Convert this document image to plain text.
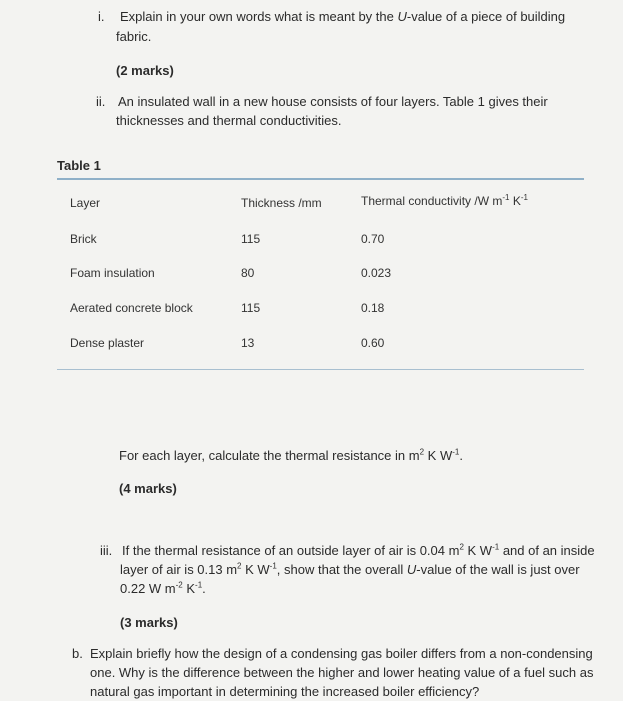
i. Explain in your own words what is meant by the U-value of a piece of building
fabric.
(2 marks)
ii. An insulated wall in a new house consists of four layers. Table 1 gives their
thicknesses and thermal conductivities.
Table 1
Layer	Thickness /mm	Thermal conductivity /W $m^{-1}$ $K^{-1}$
Brick	115	0.70
Foam insulation	80	0.023
Aerated concrete block	115	0.18
Dense plaster	13	0.60
For each layer, calculate the thermal resistance in $m^2$ K $W^{-1}$.
(4 marks)
iii. If the thermal resistance of an outside layer of air is 0.04 $m^2$ K $W^{-1}$ and of an inside
layer of air is 0.13 $m^2$ K $W^{-1}$, show that the overall U-value of the wall is just over
0.22 W $m^{-2}$ $K^{-1}$.
(3 marks)
b. Explain briefly how the design of a condensing gas boiler differs from a non-condensing
one. Why is the difference between the higher and lower heating value of a fuel such as
natural gas important in determining the increased boiler efficiency?
